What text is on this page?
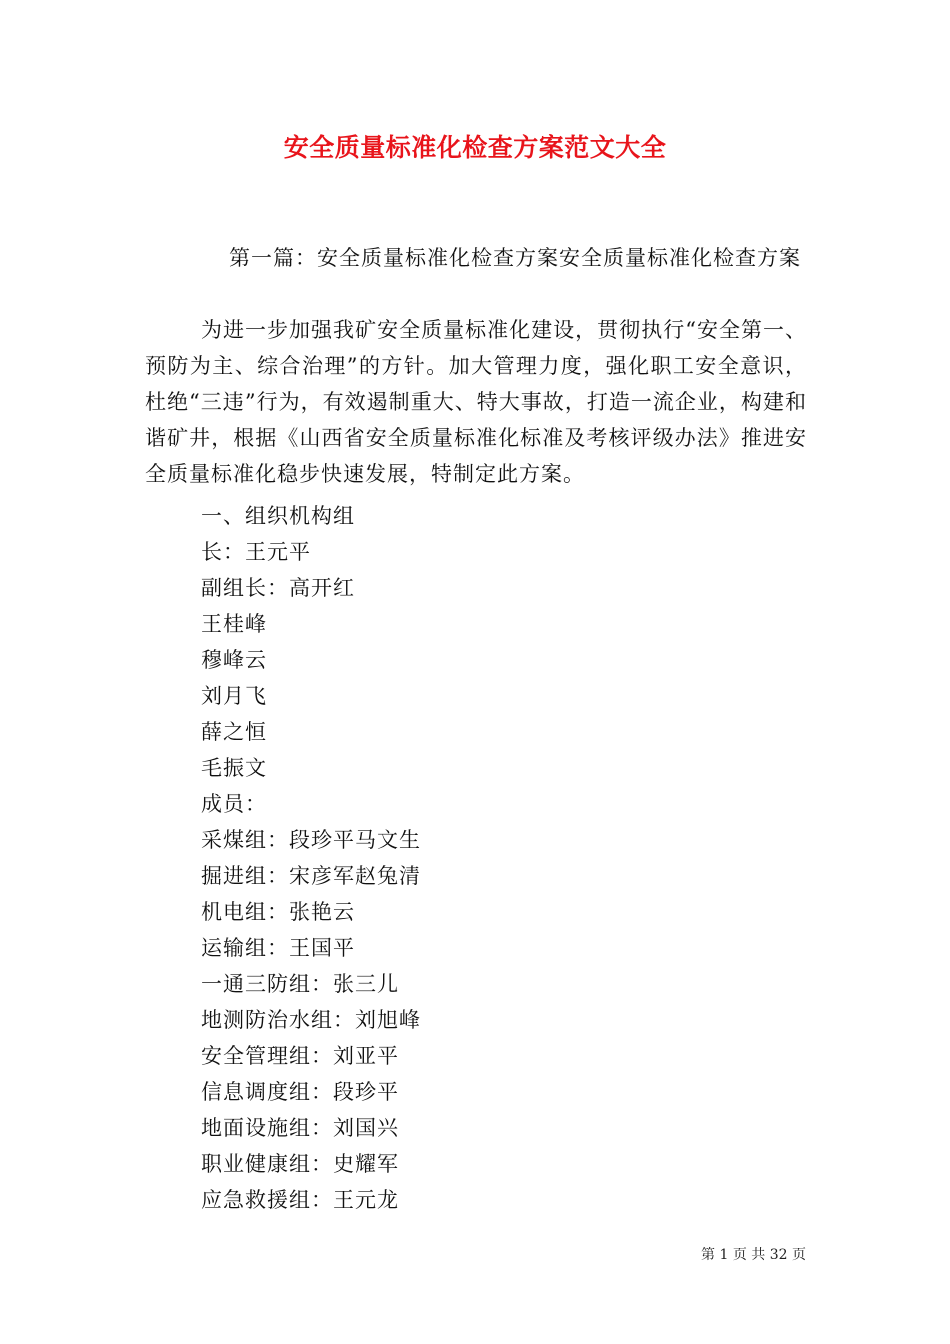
安全质量标准化检查方案范文大全

第一篇：安全质量标准化检查方案安全质量标准化检查方案

为进一步加强我矿安全质量标准化建设，贯彻执行“安全第一、预防为主、综合治理”的方针。加大管理力度，强化职工安全意识，杜绝“三违”行为，有效遏制重大、特大事故，打造一流企业，构建和谐矿井，根据《山西省安全质量标准化标准及考核评级办法》推进安全质量标准化稳步快速发展，特制定此方案。

一、组织机构组
长：王元平
副组长：高开红
王桂峰
穆峰云
刘月飞
薛之恒
毛振文
成员：
采煤组：段珍平马文生
掘进组：宋彦军赵兔清
机电组：张艳云
运输组：王国平
一通三防组：张三儿
地测防治水组：刘旭峰
安全管理组：刘亚平
信息调度组：段珍平
地面设施组：刘国兴
职业健康组：史耀军
应急救援组：王元龙
第 1 页 共 32 页
